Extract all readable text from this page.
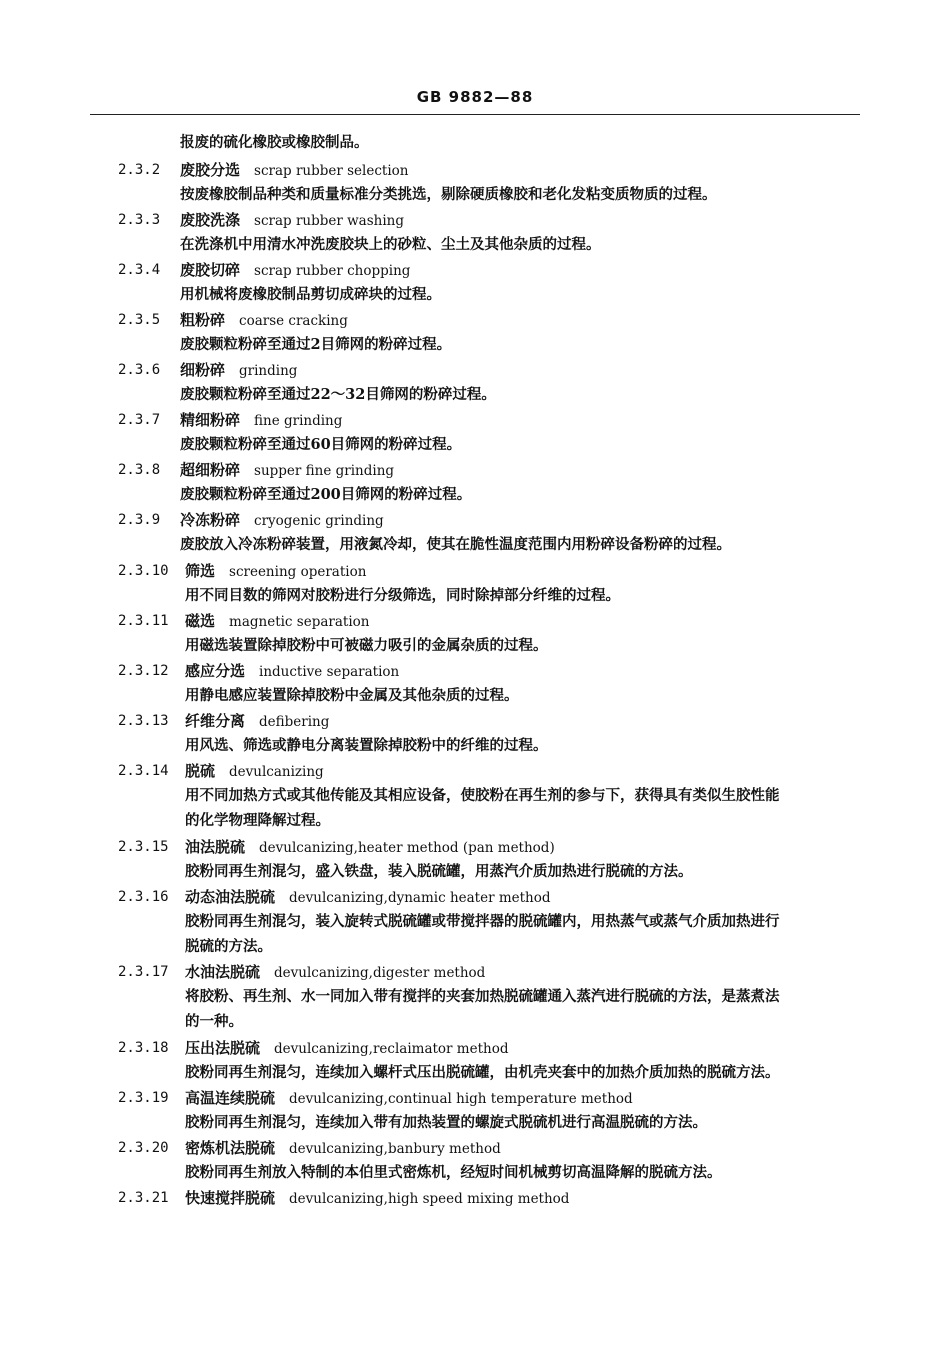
GB 9882—88
报废的硫化橡胶或橡胶制品。
2.3.2 废胶分选 scrap rubber selection
按废橡胶制品种类和质量标准分类挑选，剔除硬质橡胶和老化发粘变质物质的过程。
2.3.3 废胶洗涤 scrap rubber washing
在洗涤机中用清水冲洗废胶块上的砂粒、尘土及其他杂质的过程。
2.3.4 废胶切碎 scrap rubber chopping
用机械将废橡胶制品剪切成碎块的过程。
2.3.5 粗粉碎 coarse cracking
废胶颗粒粉碎至通过2目筛网的粉碎过程。
2.3.6 细粉碎 grinding
废胶颗粒粉碎至通过22～32目筛网的粉碎过程。
2.3.7 精细粉碎 fine grinding
废胶颗粒粉碎至通过60目筛网的粉碎过程。
2.3.8 超细粉碎 supper fine grinding
废胶颗粒粉碎至通过200目筛网的粉碎过程。
2.3.9 冷冻粉碎 cryogenic grinding
废胶放入冷冻粉碎装置，用液氮冷却，使其在脆性温度范围内用粉碎设备粉碎的过程。
2.3.10 筛选 screening operation
用不同目数的筛网对胶粉进行分级筛选，同时除掉部分纤维的过程。
2.3.11 磁选 magnetic separation
用磁选装置除掉胶粉中可被磁力吸引的金属杂质的过程。
2.3.12 感应分选 inductive separation
用静电感应装置除掉胶粉中金属及其他杂质的过程。
2.3.13 纤维分离 defibering
用风选、筛选或静电分离装置除掉胶粉中的纤维的过程。
2.3.14 脱硫 devulcanizing
用不同加热方式或其他传能及其相应设备，使胶粉在再生剂的参与下，获得具有类似生胶性能
的化学物理降解过程。
2.3.15 油法脱硫 devulcanizing,heater method (pan method)
胶粉同再生剂混匀，盛入铁盘，装入脱硫罐，用蒸汽介质加热进行脱硫的方法。
2.3.16 动态油法脱硫 devulcanizing,dynamic heater method
胶粉同再生剂混匀，装入旋转式脱硫罐或带搅拌器的脱硫罐内，用热蒸气或蒸气介质加热进行
脱硫的方法。
2.3.17 水油法脱硫 devulcanizing,digester method
将胶粉、再生剂、水一同加入带有搅拌的夹套加热脱硫罐通入蒸汽进行脱硫的方法，是蒸煮法
的一种。
2.3.18 压出法脱硫 devulcanizing,reclaimator method
胶粉同再生剂混匀，连续加入螺杆式压出脱硫罐，由机壳夹套中的加热介质加热的脱硫方法。
2.3.19 高温连续脱硫 devulcanizing,continual high temperature method
胶粉同再生剂混匀，连续加入带有加热装置的螺旋式脱硫机进行高温脱硫的方法。
2.3.20 密炼机法脱硫 devulcanizing,banbury method
胶粉同再生剂放入特制的本伯里式密炼机，经短时间机械剪切高温降解的脱硫方法。
2.3.21 快速搅拌脱硫 devulcanizing,high speed mixing method
